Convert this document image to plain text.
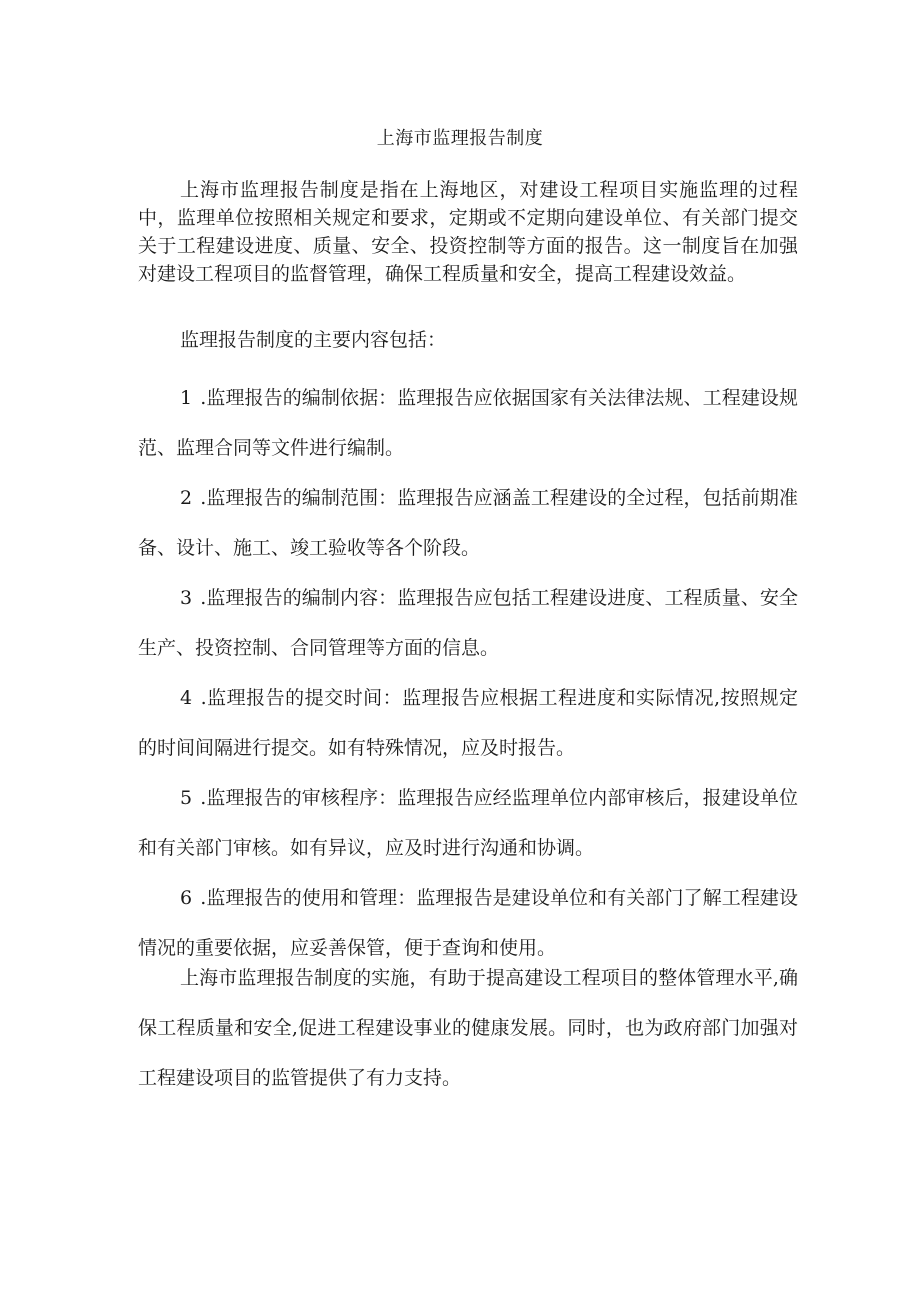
上海市监理报告制度

上海市监理报告制度是指在上海地区，对建设工程项目实施监理的过程中，监理单位按照相关规定和要求，定期或不定期向建设单位、有关部门提交关于工程建设进度、质量、安全、投资控制等方面的报告。这一制度旨在加强对建设工程项目的监督管理，确保工程质量和安全，提高工程建设效益。

监理报告制度的主要内容包括：

1 .监理报告的编制依据：监理报告应依据国家有关法律法规、工程建设规范、监理合同等文件进行编制。
2 .监理报告的编制范围：监理报告应涵盖工程建设的全过程，包括前期准备、设计、施工、竣工验收等各个阶段。
3 .监理报告的编制内容：监理报告应包括工程建设进度、工程质量、安全生产、投资控制、合同管理等方面的信息。
4 .监理报告的提交时间：监理报告应根据工程进度和实际情况,按照规定的时间间隔进行提交。如有特殊情况，应及时报告。
5 .监理报告的审核程序：监理报告应经监理单位内部审核后，报建设单位和有关部门审核。如有异议，应及时进行沟通和协调。
6 .监理报告的使用和管理：监理报告是建设单位和有关部门了解工程建设情况的重要依据，应妥善保管，便于查询和使用。

上海市监理报告制度的实施，有助于提高建设工程项目的整体管理水平,确保工程质量和安全,促进工程建设事业的健康发展。同时，也为政府部门加强对工程建设项目的监管提供了有力支持。
